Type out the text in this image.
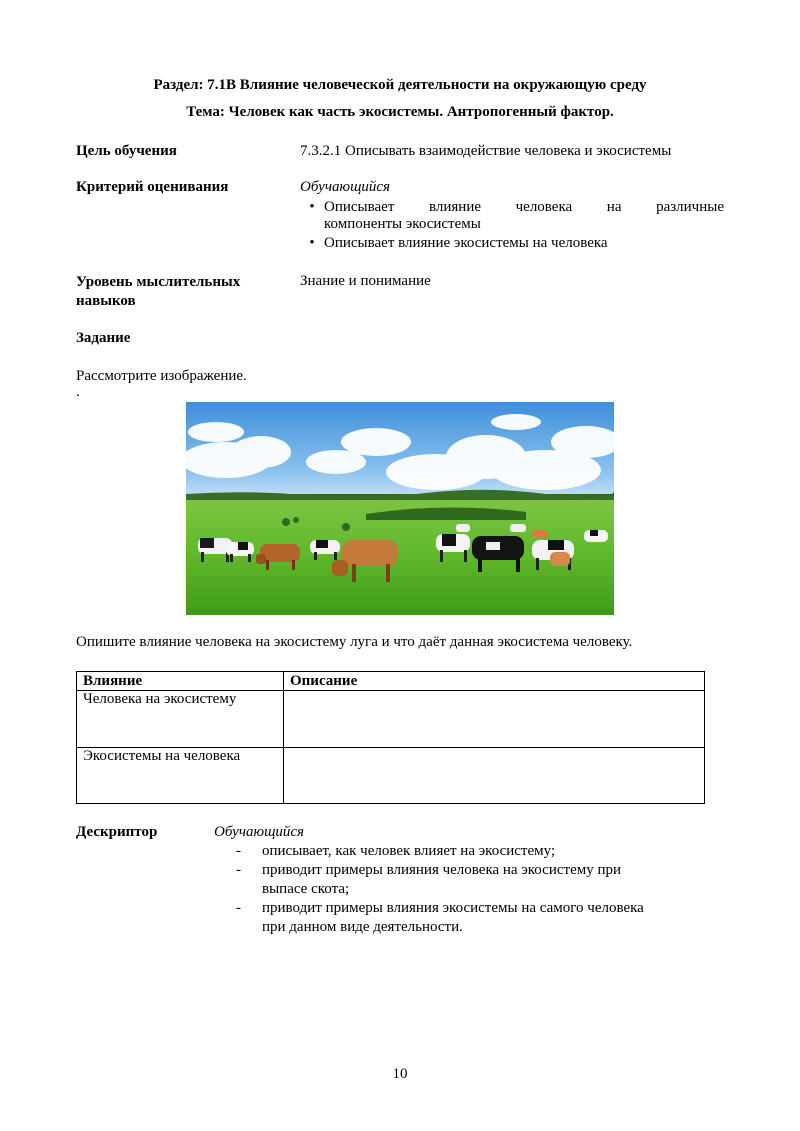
Раздел: 7.1В Влияние человеческой деятельности на окружающую среду
Тема: Человек как часть экосистемы. Антропогенный фактор.
Цель обучения	7.3.2.1 Описывать взаимодействие человека и экосистемы
Критерий оценивания	Обучающийся
• Описывает влияние человека на различные
компоненты экосистемы
• Описывает влияние экосистемы на человека
Уровень мыслительных
навыков
Знание и понимание
Задание
Рассмотрите изображение.
.
Опишите влияние человека на экосистему луга и что даёт данная экосистема человеку.
Влияние	Описание
Человека на экосистему	
Экосистемы на человека	
Дескриптор	Обучающийся
-	описывает, как человек влияет на экосистему;
-	приводит примеры влияния человека на экосистему при
выпасе скота;
-	приводит примеры влияния экосистемы на самого человека
при данном виде деятельности.
10
